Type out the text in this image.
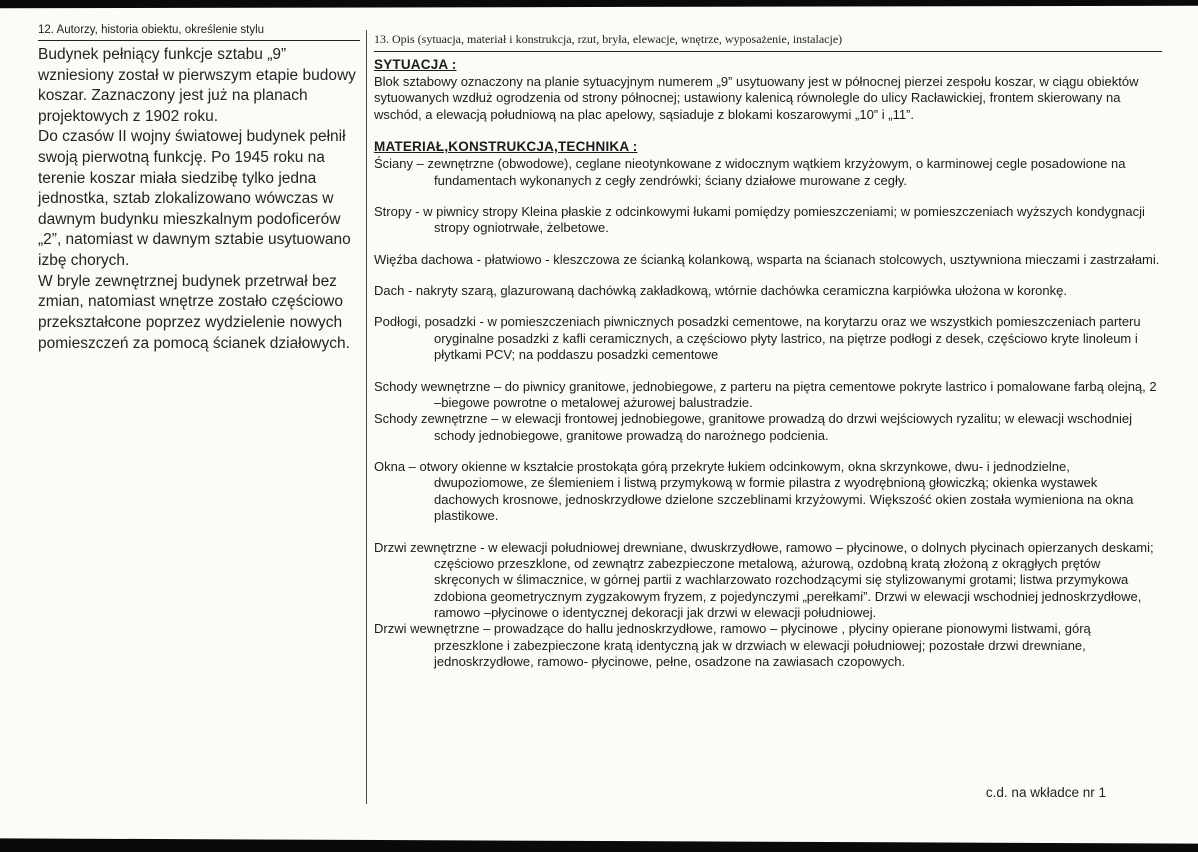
12. Autorzy, historia obiektu, określenie stylu

Budynek pełniący funkcje sztabu „9” wzniesiony został w pierwszym etapie budowy koszar. Zaznaczony jest już na planach projektowych z 1902 roku.

Do czasów II wojny światowej budynek pełnił swoją pierwotną funkcję. Po 1945 roku na terenie koszar miała siedzibę tylko jedna jednostka, sztab zlokalizowano wówczas w dawnym budynku mieszkalnym podoficerów „2”, natomiast w dawnym sztabie usytuowano izbę chorych.

W bryle zewnętrznej budynek przetrwał bez zmian, natomiast wnętrze zostało częściowo przekształcone poprzez wydzielenie nowych pomieszczeń za pomocą ścianek działowych.

13. Opis (sytuacja, materiał i konstrukcja, rzut, bryła, elewacje, wnętrze, wyposażenie, instalacje)
SYTUACJA :

Blok sztabowy oznaczony na planie sytuacyjnym numerem „9” usytuowany jest w północnej pierzei zespołu koszar, w ciągu obiektów sytuowanych wzdłuż ogrodzenia od strony północnej; ustawiony kalenicą równolegle do ulicy Racławickiej, frontem skierowany na wschód, a elewacją południową na plac apelowy, sąsiaduje z blokami koszarowymi „10” i „11”.

MATERIAŁ,KONSTRUKCJA,TECHNIKA :

Ściany – zewnętrzne (obwodowe), ceglane nieotynkowane z widocznym wątkiem krzyżowym, o karminowej cegle posadowione na fundamentach wykonanych z cegły zendrówki; ściany działowe murowane z cegły.

Stropy - w piwnicy stropy Kleina płaskie z odcinkowymi łukami pomiędzy pomieszczeniami; w pomieszczeniach wyższych kondygnacji stropy ogniotrwałe, żelbetowe.

Więźba dachowa - płatwiowo - kleszczowa ze ścianką kolankową, wsparta na ścianach stolcowych, usztywniona mieczami i zastrzałami.

Dach - nakryty szarą, glazurowaną dachówką zakładkową, wtórnie dachówka ceramiczna karpiówka ułożona w koronkę.

Podłogi, posadzki - w pomieszczeniach piwnicznych posadzki cementowe, na korytarzu oraz we wszystkich pomieszczeniach parteru oryginalne posadzki z kafli ceramicznych, a częściowo płyty lastrico, na piętrze podłogi z desek, częściowo kryte linoleum i płytkami PCV; na poddaszu posadzki cementowe

Schody wewnętrzne – do piwnicy granitowe, jednobiegowe, z parteru na piętra cementowe pokryte lastrico i pomalowane farbą olejną, 2 –biegowe powrotne o metalowej ażurowej balustradzie.

Schody zewnętrzne – w elewacji frontowej jednobiegowe, granitowe prowadzą do drzwi wejściowych ryzalitu; w elewacji wschodniej schody jednobiegowe, granitowe prowadzą do narożnego podcienia.

Okna – otwory okienne w kształcie prostokąta górą przekryte łukiem odcinkowym, okna skrzynkowe, dwu- i jednodzielne, dwupoziomowe, ze ślemieniem i listwą przymykową w formie pilastra z wyodrębnioną głowiczką; okienka wystawek dachowych krosnowe, jednoskrzydłowe dzielone szczeblinami krzyżowymi. Większość okien została wymieniona na okna plastikowe.

Drzwi zewnętrzne - w elewacji południowej drewniane, dwuskrzydłowe, ramowo – płycinowe, o dolnych płycinach opierzanych deskami; częściowo przeszklone, od zewnątrz zabezpieczone metalową, ażurową, ozdobną kratą złożoną z okrągłych prętów skręconych w ślimacznice, w górnej partii z wachlarzowato rozchodzącymi się stylizowanymi grotami; listwa przymykowa zdobiona geometrycznym zygzakowym fryzem, z pojedynczymi „perełkami”. Drzwi w elewacji wschodniej jednoskrzydłowe, ramowo –płycinowe o identycznej dekoracji jak drzwi w elewacji południowej.

Drzwi wewnętrzne – prowadzące do hallu jednoskrzydłowe, ramowo – płycinowe , płyciny opierane pionowymi listwami, górą przeszklone i zabezpieczone kratą identyczną jak w drzwiach w elewacji południowej; pozostałe drzwi drewniane, jednoskrzydłowe, ramowo- płycinowe, pełne, osadzone na zawiasach czopowych.

c.d. na wkładce nr 1
